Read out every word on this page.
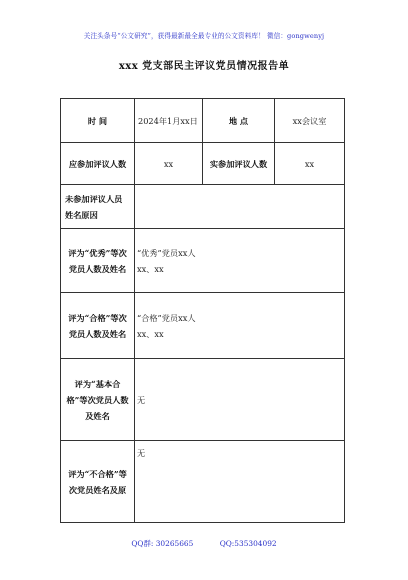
关注头条号“公文研究”，获得最新最全最专业的公文资料库！ 微信：gongwenyj
xxx 党支部民主评议党员情况报告单
时 间	2024年1月xx日	地 点	xx会议室
应参加评议人数	xx	实参加评议人数	xx
未参加评议人员姓名原因			
评为“优秀”等次党员人数及姓名	“优秀”党员xx人
xx、xx		

评为“合格”等次党员人数及姓名	“合格”党员xx人
xx、xx		

评为“基本合格”等次党员人数及姓名	无		
评为“不合格”等次党员姓名及原	无		
QQ群: 30265665	QQ:535304092
